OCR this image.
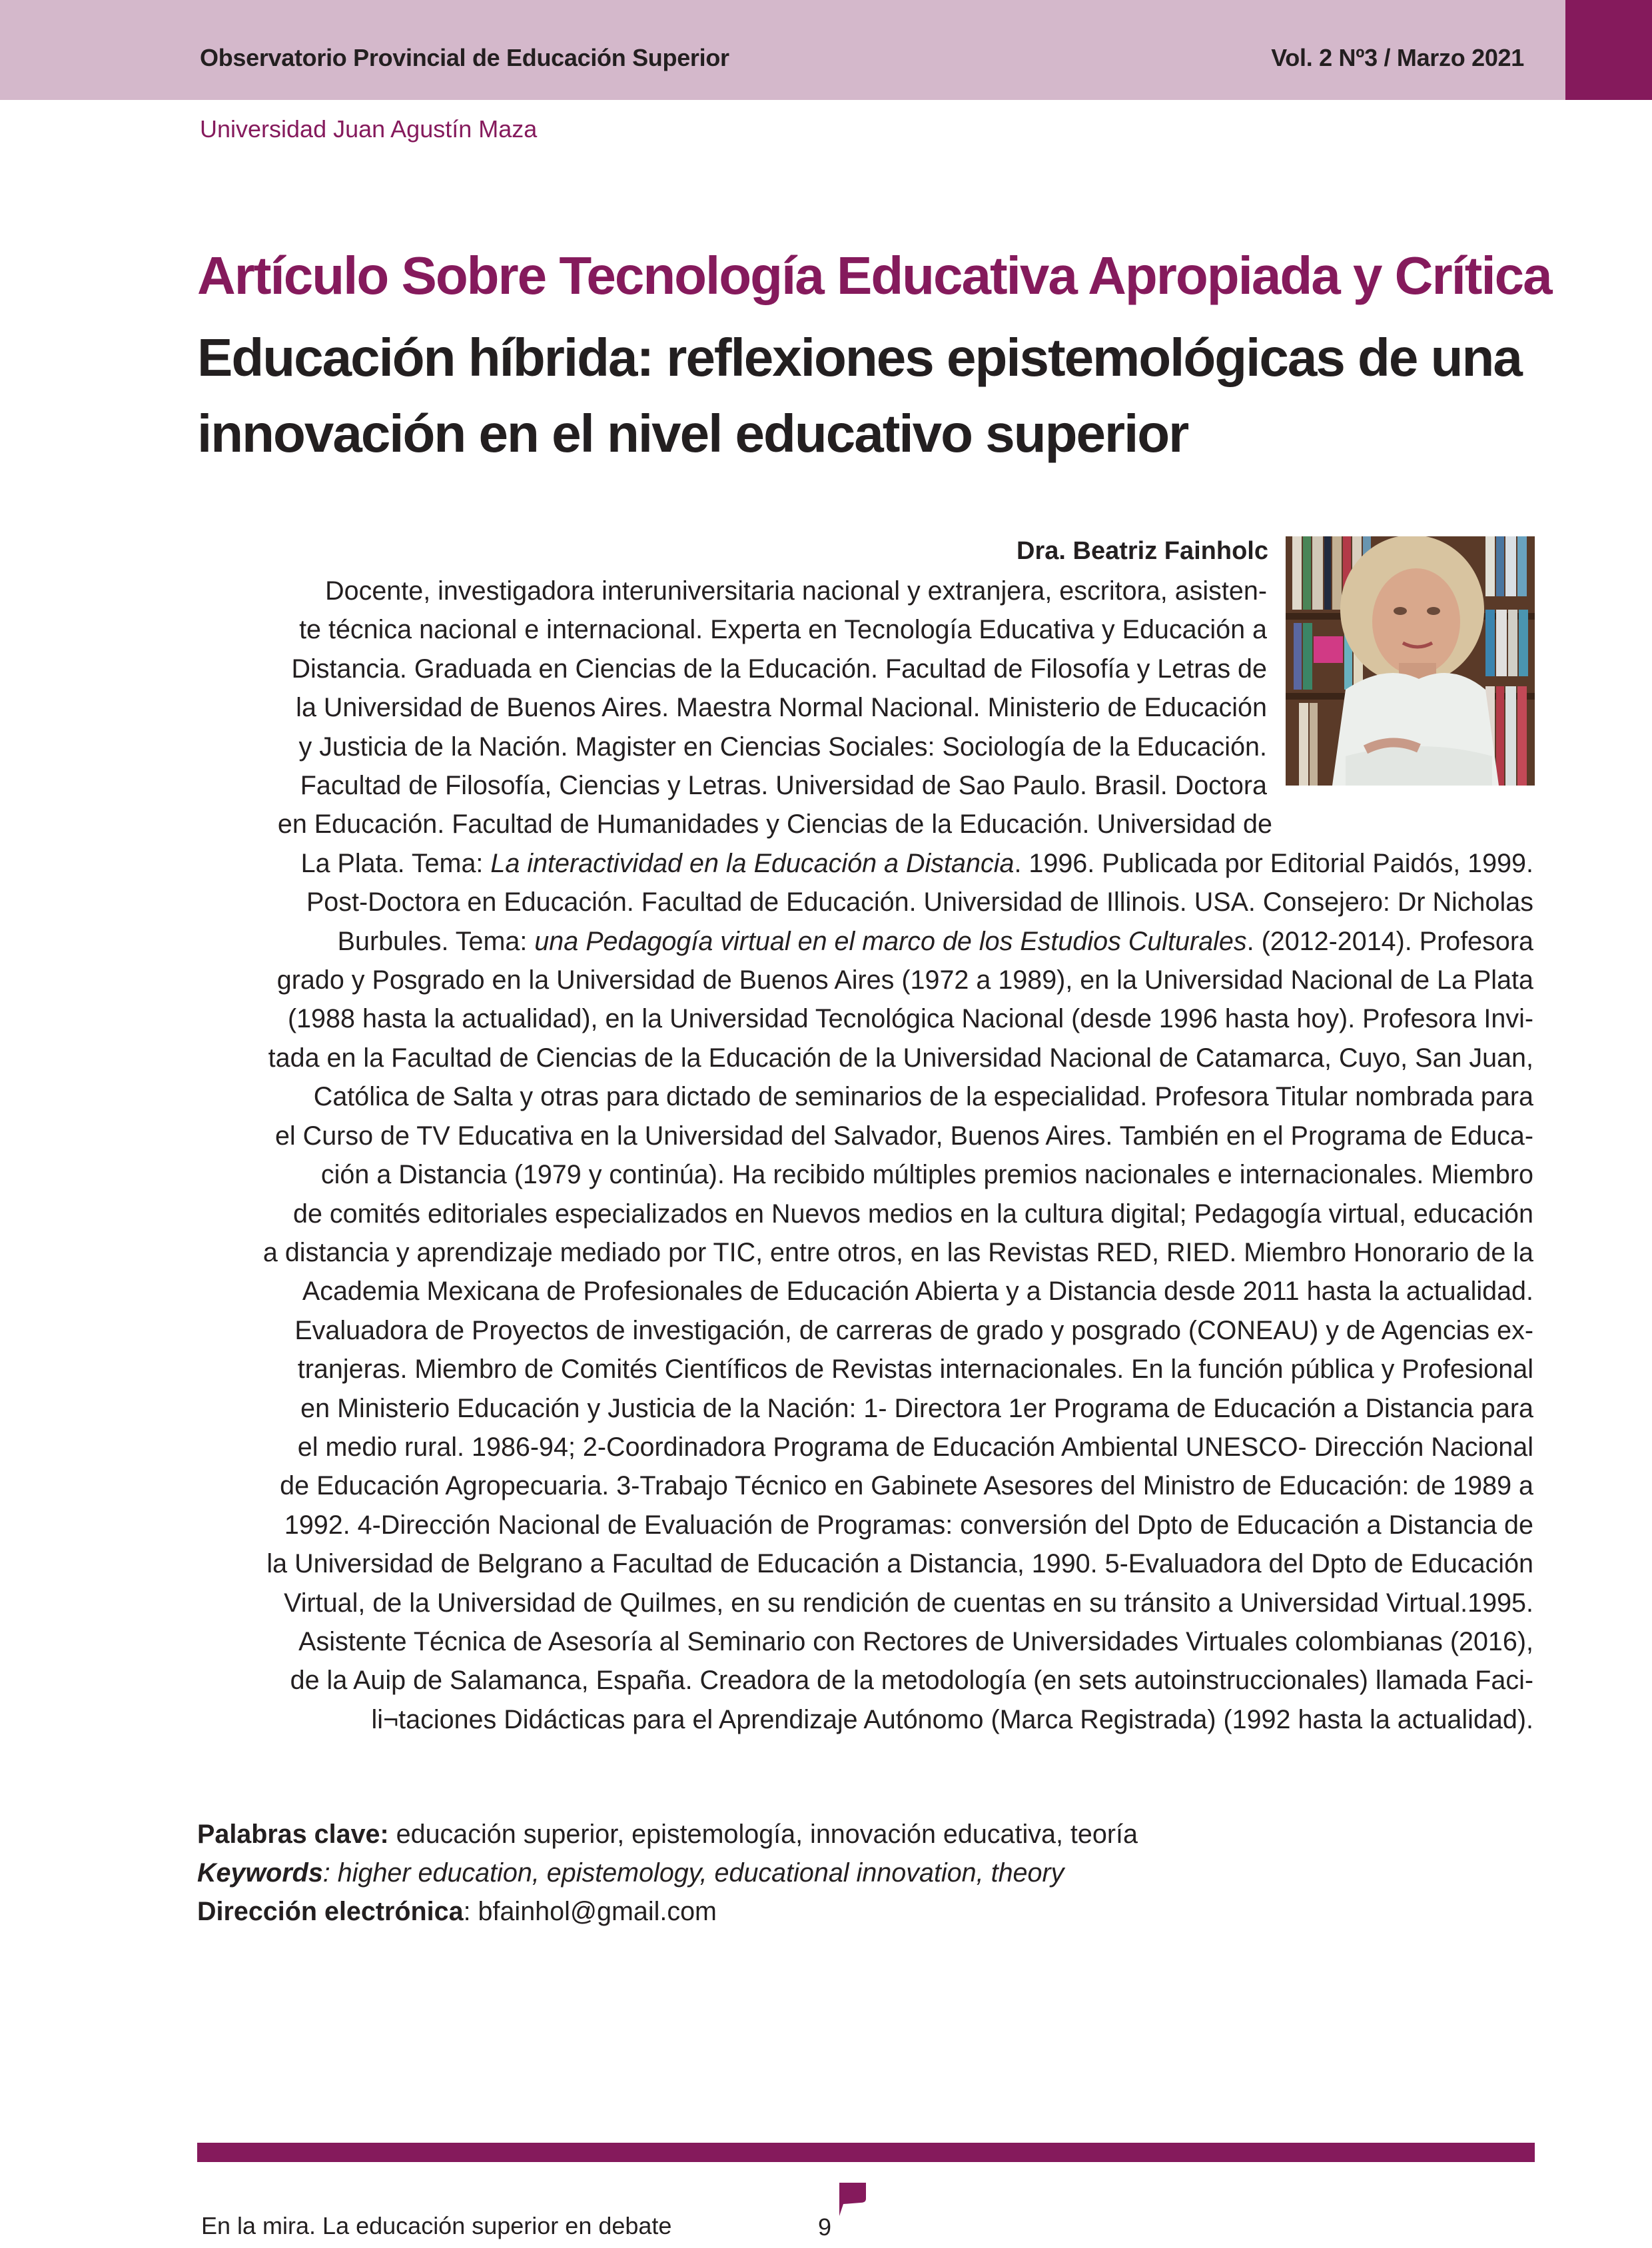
Observatorio Provincial de Educación Superior	Vol. 2 Nº3 / Marzo 2021
Universidad Juan Agustín Maza
Artículo Sobre Tecnología Educativa Apropiada y Crítica
Educación híbrida: reflexiones epistemológicas de una
innovación en el nivel educativo superior
Dra. Beatriz Fainholc
Docente, investigadora interuniversitaria nacional y extranjera, escritora, asisten-
te técnica nacional e internacional. Experta en Tecnología Educativa y Educación a
Distancia. Graduada en Ciencias de la Educación. Facultad de Filosofía y Letras de
la Universidad de Buenos Aires. Maestra Normal Nacional. Ministerio de Educación
y Justicia de la Nación. Magister en Ciencias Sociales: Sociología de la Educación.
Facultad de Filosofía, Ciencias y Letras. Universidad de Sao Paulo. Brasil. Doctora
en Educación. Facultad de Humanidades y Ciencias de la Educación. Universidad de
La Plata. Tema: La interactividad en la Educación a Distancia. 1996. Publicada por Editorial Paidós, 1999.
Post-Doctora en Educación. Facultad de Educación. Universidad de Illinois. USA. Consejero: Dr Nicholas
Burbules. Tema: una Pedagogía virtual en el marco de los Estudios Culturales. (2012-2014). Profesora
grado y Posgrado en la Universidad de Buenos Aires (1972 a 1989), en la Universidad Nacional de La Plata
(1988 hasta la actualidad), en la Universidad Tecnológica Nacional (desde 1996 hasta hoy). Profesora Invi-
tada en la Facultad de Ciencias de la Educación de la Universidad Nacional de Catamarca, Cuyo, San Juan,
Católica de Salta y otras para dictado de seminarios de la especialidad. Profesora Titular nombrada para
el Curso de TV Educativa en la Universidad del Salvador, Buenos Aires. También en el Programa de Educa-
ción a Distancia (1979 y continúa). Ha recibido múltiples premios nacionales e internacionales. Miembro
de comités editoriales especializados en Nuevos medios en la cultura digital; Pedagogía virtual, educación
a distancia y aprendizaje mediado por TIC, entre otros, en las Revistas RED, RIED. Miembro Honorario de la
Academia Mexicana de Profesionales de Educación Abierta y a Distancia desde 2011 hasta la actualidad.
Evaluadora de Proyectos de investigación, de carreras de grado y posgrado (CONEAU) y de Agencias ex-
tranjeras. Miembro de Comités Científicos de Revistas internacionales. En la función pública y Profesional
en Ministerio Educación y Justicia de la Nación: 1- Directora 1er Programa de Educación a Distancia para
el medio rural. 1986-94; 2-Coordinadora Programa de Educación Ambiental UNESCO- Dirección Nacional
de Educación Agropecuaria. 3-Trabajo Técnico en Gabinete Asesores del Ministro de Educación: de 1989 a
1992. 4-Dirección Nacional de Evaluación de Programas: conversión del Dpto de Educación a Distancia de
la Universidad de Belgrano a Facultad de Educación a Distancia, 1990. 5-Evaluadora del Dpto de Educación
Virtual, de la Universidad de Quilmes, en su rendición de cuentas en su tránsito a Universidad Virtual.1995.
Asistente Técnica de Asesoría al Seminario con Rectores de Universidades Virtuales colombianas (2016),
de la Auip de Salamanca, España. Creadora de la metodología (en sets autoinstruccionales) llamada Faci-
li¬taciones Didácticas para el Aprendizaje Autónomo (Marca Registrada) (1992 hasta la actualidad).
Palabras clave: educación superior, epistemología, innovación educativa, teoría
Keywords: higher education, epistemology, educational innovation, theory
Dirección electrónica: bfainhol@gmail.com
En la mira. La educación superior en debate	9
